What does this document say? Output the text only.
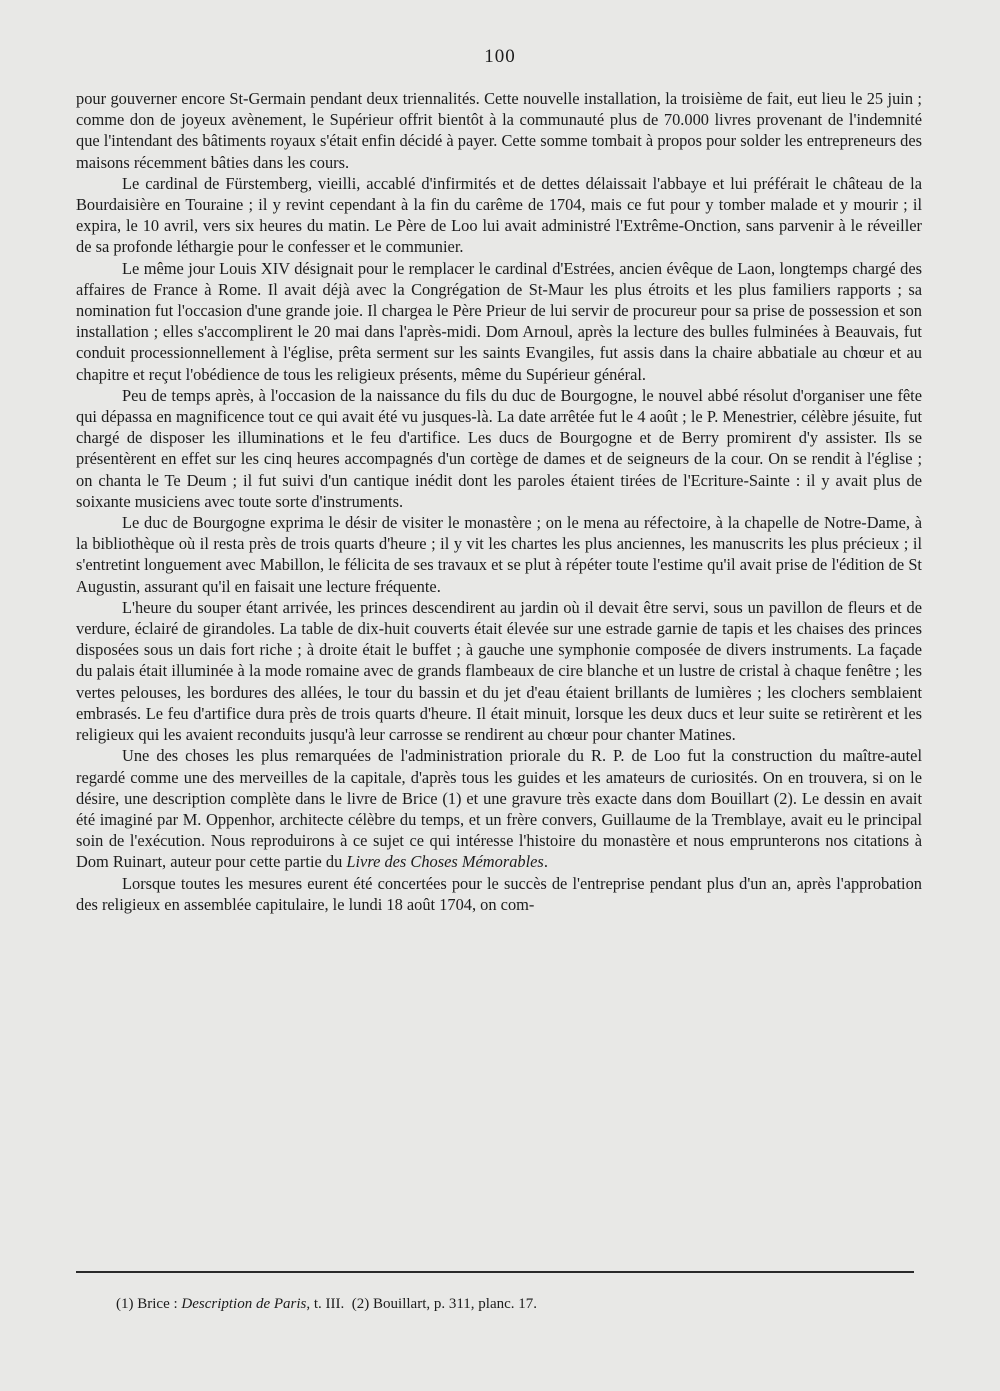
100

pour gouverner encore St-Germain pendant deux triennalités. Cette nouvelle installation, la troisième de fait, eut lieu le 25 juin ; comme don de joyeux avènement, le Supérieur offrit bientôt à la communauté plus de 70.000 livres provenant de l'indemnité que l'intendant des bâtiments royaux s'était enfin décidé à payer. Cette somme tombait à propos pour solder les entrepreneurs des maisons récemment bâties dans les cours.

Le cardinal de Fürstemberg, vieilli, accablé d'infirmités et de dettes délaissait l'abbaye et lui préférait le château de la Bourdaisière en Touraine ; il y revint cependant à la fin du carême de 1704, mais ce fut pour y tomber malade et y mourir ; il expira, le 10 avril, vers six heures du matin. Le Père de Loo lui avait administré l'Extrême-Onction, sans parvenir à le réveiller de sa profonde léthargie pour le confesser et le communier.

Le même jour Louis XIV désignait pour le remplacer le cardinal d'Estrées, ancien évêque de Laon, longtemps chargé des affaires de France à Rome. Il avait déjà avec la Congrégation de St-Maur les plus étroits et les plus familiers rapports ; sa nomination fut l'occasion d'une grande joie. Il chargea le Père Prieur de lui servir de procureur pour sa prise de possession et son installation ; elles s'accomplirent le 20 mai dans l'après-midi. Dom Arnoul, après la lecture des bulles fulminées à Beauvais, fut conduit processionnellement à l'église, prêta serment sur les saints Evangiles, fut assis dans la chaire abbatiale au chœur et au chapitre et reçut l'obédience de tous les religieux présents, même du Supérieur général.

Peu de temps après, à l'occasion de la naissance du fils du duc de Bourgogne, le nouvel abbé résolut d'organiser une fête qui dépassa en magnificence tout ce qui avait été vu jusques-là. La date arrêtée fut le 4 août ; le P. Menestrier, célèbre jésuite, fut chargé de disposer les illuminations et le feu d'artifice. Les ducs de Bourgogne et de Berry promirent d'y assister. Ils se présentèrent en effet sur les cinq heures accompagnés d'un cortège de dames et de seigneurs de la cour. On se rendit à l'église ; on chanta le Te Deum ; il fut suivi d'un cantique inédit dont les paroles étaient tirées de l'Ecriture-Sainte : il y avait plus de soixante musiciens avec toute sorte d'instruments.

Le duc de Bourgogne exprima le désir de visiter le monastère ; on le mena au réfectoire, à la chapelle de Notre-Dame, à la bibliothèque où il resta près de trois quarts d'heure ; il y vit les chartes les plus anciennes, les manuscrits les plus précieux ; il s'entretint longuement avec Mabillon, le félicita de ses travaux et se plut à répéter toute l'estime qu'il avait prise de l'édition de St Augustin, assurant qu'il en faisait une lecture fréquente.

L'heure du souper étant arrivée, les princes descendirent au jardin où il devait être servi, sous un pavillon de fleurs et de verdure, éclairé de girandoles. La table de dix-huit couverts était élevée sur une estrade garnie de tapis et les chaises des princes disposées sous un dais fort riche ; à droite était le buffet ; à gauche une symphonie composée de divers instruments. La façade du palais était illuminée à la mode romaine avec de grands flambeaux de cire blanche et un lustre de cristal à chaque fenêtre ; les vertes pelouses, les bordures des allées, le tour du bassin et du jet d'eau étaient brillants de lumières ; les clochers semblaient embrasés. Le feu d'artifice dura près de trois quarts d'heure. Il était minuit, lorsque les deux ducs et leur suite se retirèrent et les religieux qui les avaient reconduits jusqu'à leur carrosse se rendirent au chœur pour chanter Matines.

Une des choses les plus remarquées de l'administration priorale du R. P. de Loo fut la construction du maître-autel regardé comme une des merveilles de la capitale, d'après tous les guides et les amateurs de curiosités. On en trouvera, si on le désire, une description complète dans le livre de Brice (1) et une gravure très exacte dans dom Bouillart (2). Le dessin en avait été imaginé par M. Oppenhor, architecte célèbre du temps, et un frère convers, Guillaume de la Tremblaye, avait eu le principal soin de l'exécution. Nous reproduirons à ce sujet ce qui intéresse l'histoire du monastère et nous emprunterons nos citations à Dom Ruinart, auteur pour cette partie du Livre des Choses Mémorables.

Lorsque toutes les mesures eurent été concertées pour le succès de l'entreprise pendant plus d'un an, après l'approbation des religieux en assemblée capitulaire, le lundi 18 août 1704, on com-

(1) Brice : Description de Paris, t. III. (2) Bouillart, p. 311, planc. 17.
